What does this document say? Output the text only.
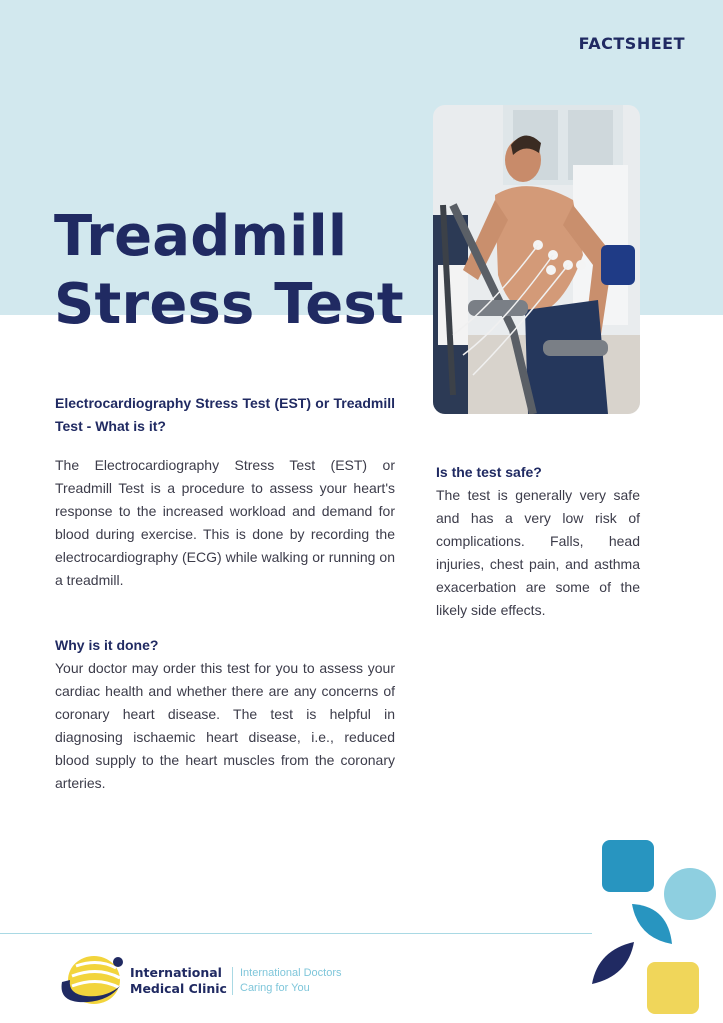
FACTSHEET
Treadmill
Stress Test
Electrocardiography Stress Test (EST) or Treadmill Test - What is it?

The Electrocardiography Stress Test (EST) or Treadmill Test is a procedure to assess your heart's response to the increased workload and demand for blood during exercise. This is done by recording the electrocardiography (ECG) while walking or running on a treadmill.

Why is it done?

Your doctor may order this test for you to assess your cardiac health and whether there are any concerns of coronary heart disease. The test is helpful in diagnosing ischaemic heart disease, i.e., reduced blood supply to the heart muscles from the coronary arteries.

Is the test safe?

The test is generally very safe and has a very low risk of complications. Falls, head injuries, chest pain, and asthma exacerbation are some of the likely side effects.

International
Medical Clinic
International Doctors
Caring for You
